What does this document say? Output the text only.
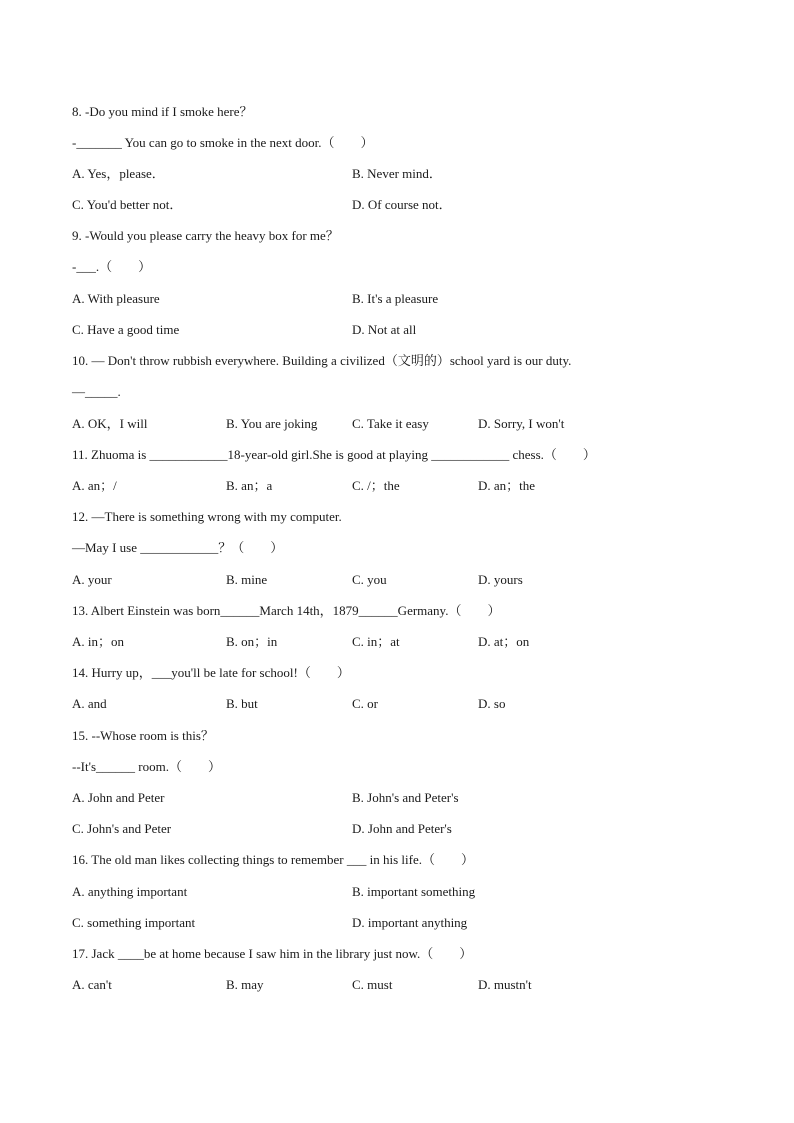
8. -Do you mind if I smoke here？
-_______ You can go to smoke in the next door.（　　）
A. Yes，please．	B. Never mind．
C. You'd better not．	D. Of course not．
9. -Would you please carry the heavy box for me？
-___.（　　）
A. With pleasure	B. It's a pleasure
C. Have a good time	D. Not at all
10. — Don't throw rubbish everywhere. Building a civilized（文明的）school yard is our duty.
—_____.
A. OK，I will	B. You are joking	C. Take it easy	D. Sorry, I won't
11. Zhuoma is ____________18-year-old girl.She is good at playing ____________ chess.（　　）
A. an；/	B. an；a	C. /；the	D. an；the
12. —There is something wrong with my computer.
—May I use ____________？（　　）
A. your	B. mine	C. you	D. yours
13. Albert Einstein was born______March 14th，1879______Germany.（　　）
A. in；on	B. on；in	C. in；at	D. at；on
14. Hurry up，___you'll be late for school!（　　）
A. and	B. but	C. or	D. so
15. --Whose room is this？
--It's______ room.（　　）
A. John and Peter	B. John's and Peter's
C. John's and Peter	D. John and Peter's
16. The old man likes collecting things to remember ___ in his life.（　　）
A. anything important	B. important something
C. something important	D. important anything
17. Jack ____be at home because I saw him in the library just now.（　　）
A. can't	B. may	C. must	D. mustn't
